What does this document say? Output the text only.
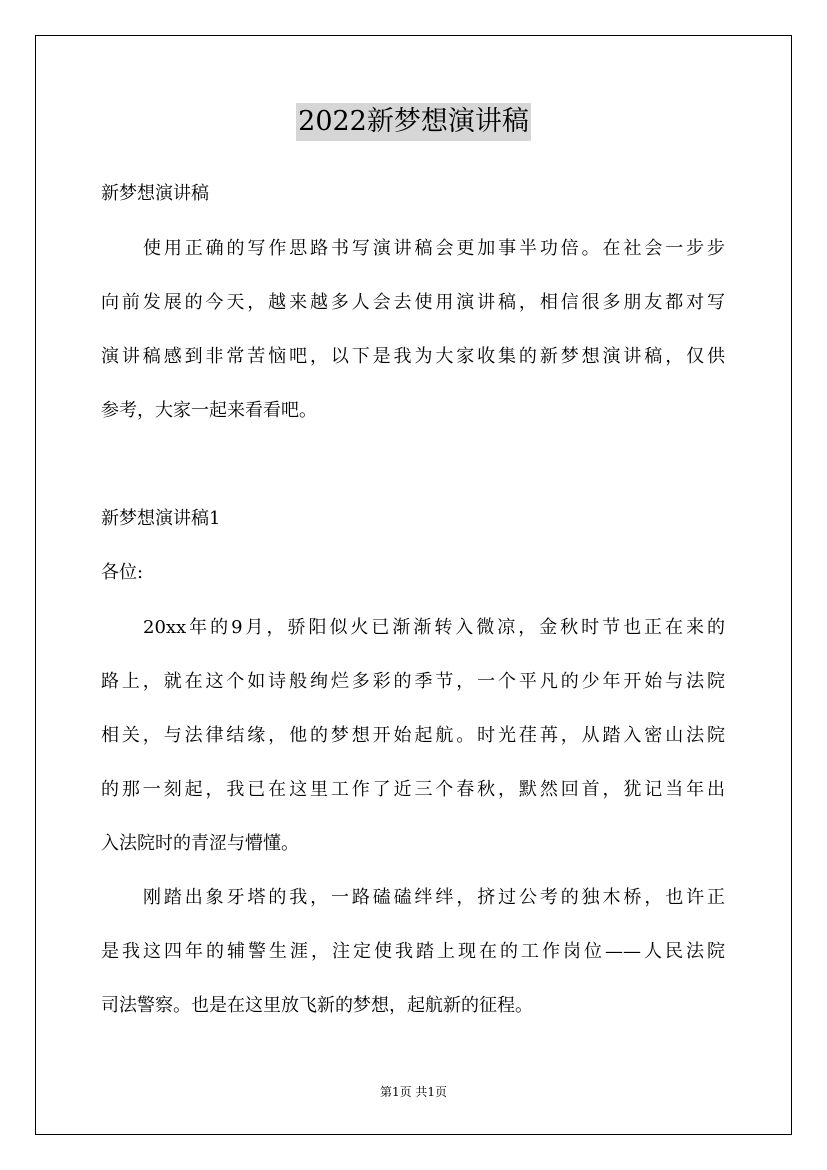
2022新梦想演讲稿
新梦想演讲稿
使用正确的写作思路书写演讲稿会更加事半功倍。在社会一步步
向前发展的今天，越来越多人会去使用演讲稿，相信很多朋友都对写
演讲稿感到非常苦恼吧，以下是我为大家收集的新梦想演讲稿，仅供
参考，大家一起来看看吧。
新梦想演讲稿1
各位:
20xx年的9月，骄阳似火已渐渐转入微凉，金秋时节也正在来的
路上，就在这个如诗般绚烂多彩的季节，一个平凡的少年开始与法院
相关，与法律结缘，他的梦想开始起航。时光荏苒，从踏入密山法院
的那一刻起，我已在这里工作了近三个春秋，默然回首，犹记当年出
入法院时的青涩与懵懂。
刚踏出象牙塔的我，一路磕磕绊绊，挤过公考的独木桥，也许正
是我这四年的辅警生涯，注定使我踏上现在的工作岗位——人民法院
司法警察。也是在这里放飞新的梦想，起航新的征程。
第1页 共1页
